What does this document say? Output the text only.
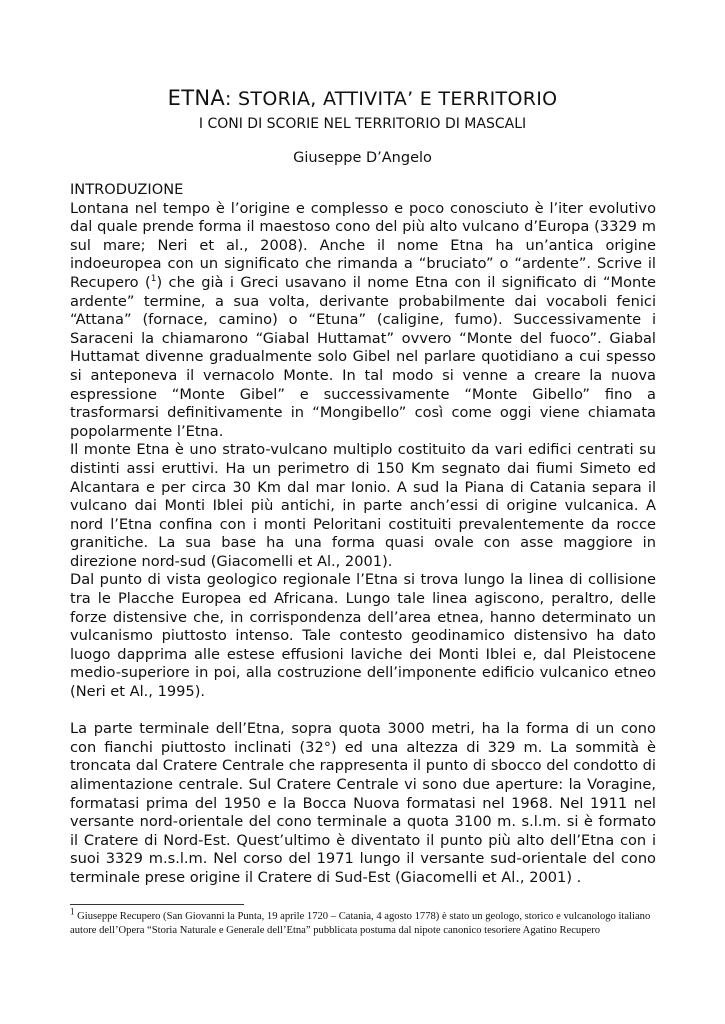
ETNA: STORIA, ATTIVITA’ E TERRITORIO
I CONI DI SCORIE NEL TERRITORIO DI MASCALI
Giuseppe D’Angelo

INTRODUZIONE

Lontana nel tempo è l’origine e complesso e poco conosciuto è l’iter evolutivo dal quale prende forma il maestoso cono del più alto vulcano d’Europa (3329 m sul mare; Neri et al., 2008). Anche il nome Etna ha un’antica origine indoeuropea con un significato che rimanda a “bruciato” o “ardente”. Scrive il Recupero ($^1$) che già i Greci usavano il nome Etna con il significato di “Monte ardente” termine, a sua volta, derivante probabilmente dai vocaboli fenici “Attana” (fornace, camino) o “Etuna” (caligine, fumo). Successivamente i Saraceni la chiamarono “Giabal Huttamat” ovvero “Monte del fuoco”. Giabal Huttamat divenne gradualmente solo Gibel nel parlare quotidiano a cui spesso si anteponeva il vernacolo Monte. In tal modo si venne a creare la nuova espressione “Monte Gibel” e successivamente “Monte Gibello” fino a trasformarsi definitivamente in “Mongibello” così come oggi viene chiamata popolarmente l’Etna.

Il monte Etna è uno strato-vulcano multiplo costituito da vari edifici centrati su distinti assi eruttivi. Ha un perimetro di 150 Km segnato dai fiumi Simeto ed Alcantara e per circa 30 Km dal mar Ionio. A sud la Piana di Catania separa il vulcano dai Monti Iblei più antichi, in parte anch’essi di origine vulcanica. A nord l’Etna confina con i monti Peloritani costituiti prevalentemente da rocce granitiche. La sua base ha una forma quasi ovale con asse maggiore in direzione nord-sud (Giacomelli et Al., 2001).

Dal punto di vista geologico regionale l’Etna si trova lungo la linea di collisione tra le Placche Europea ed Africana. Lungo tale linea agiscono, peraltro, delle forze distensive che, in corrispondenza dell’area etnea, hanno determinato un vulcanismo piuttosto intenso. Tale contesto geodinamico distensivo ha dato luogo dapprima alle estese effusioni laviche dei Monti Iblei e, dal Pleistocene medio-superiore in poi, alla costruzione dell’imponente edificio vulcanico etneo (Neri et Al., 1995).

La parte terminale dell’Etna, sopra quota 3000 metri, ha la forma di un cono con fianchi piuttosto inclinati (32°) ed una altezza di 329 m. La sommità è troncata dal Cratere Centrale che rappresenta il punto di sbocco del condotto di alimentazione centrale. Sul Cratere Centrale vi sono due aperture: la Voragine, formatasi prima del 1950 e la Bocca Nuova formatasi nel 1968. Nel 1911 nel versante nord-orientale del cono terminale a quota 3100 m. s.l.m. si è formato il Cratere di Nord-Est. Quest’ultimo è diventato il punto più alto dell’Etna con i suoi 3329 m.s.l.m. Nel corso del 1971 lungo il versante sud-orientale del cono terminale prese origine il Cratere di Sud-Est (Giacomelli et Al., 2001) .

$^1$ Giuseppe Recupero (San Giovanni la Punta, 19 aprile 1720 – Catania, 4 agosto 1778) è stato un geologo, storico e vulcanologo italiano autore dell’Opera “Storia Naturale e Generale dell’Etna” pubblicata postuma dal nipote canonico tesoriere Agatino Recupero
